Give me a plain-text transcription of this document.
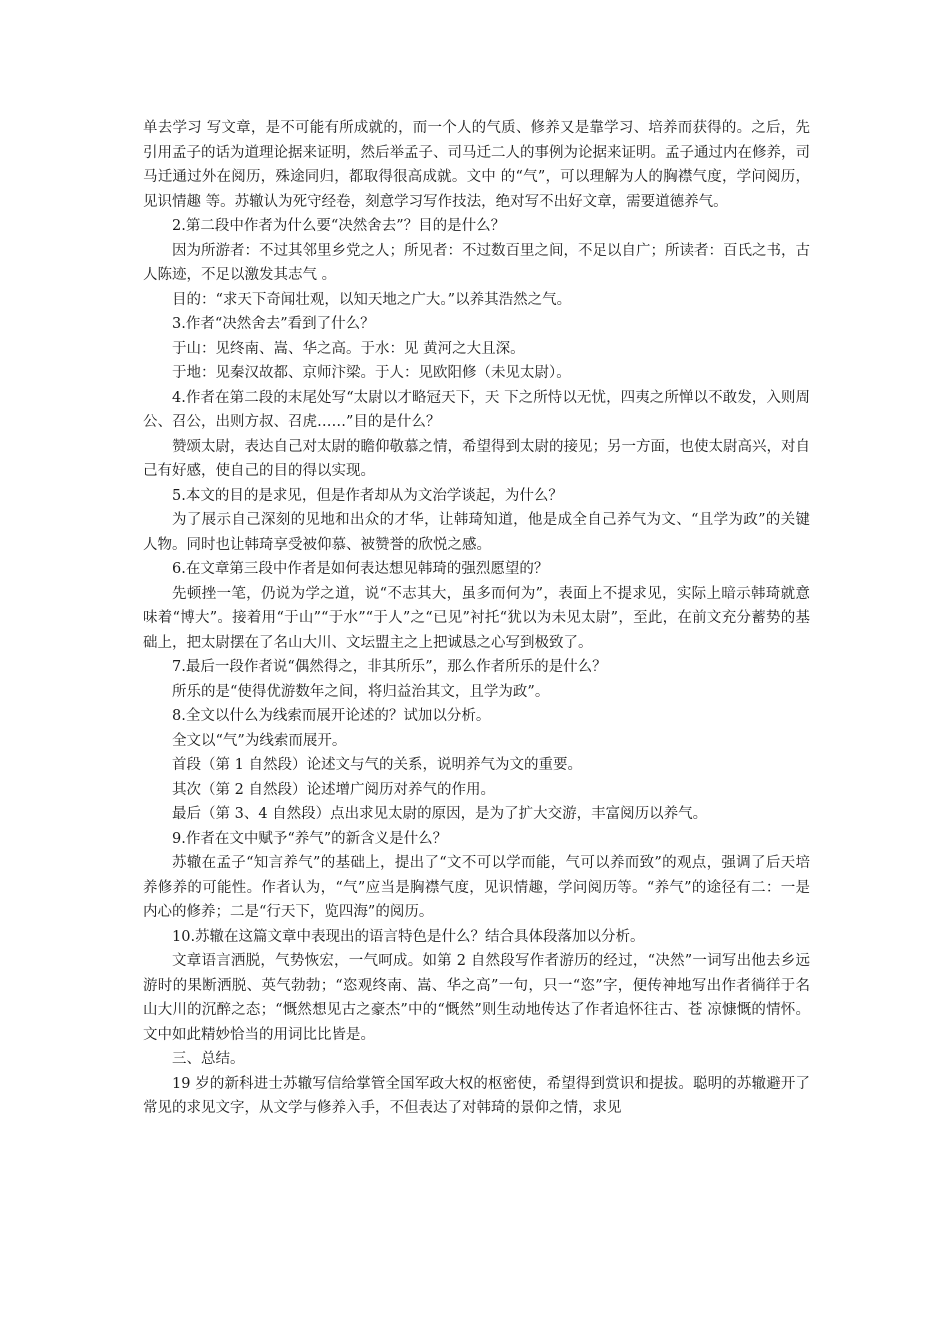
单去学习 写文章，是不可能有所成就的，而一个人的气质、修养又是靠学习、培养而获得的。之后，先引用孟子的话为道理论据来证明，然后举孟子、司马迁二人的事例为论据来证明。孟子通过内在修养，司马迁通过外在阅历，殊途同归，都取得很高成就。文中 的“气”，可以理解为人的胸襟气度，学问阅历，见识情趣 等。苏辙认为死守经卷，刻意学习写作技法，绝对写不出好文章，需要道德养气。

2.第二段中作者为什么要“决然舍去”？目的是什么？

因为所游者：不过其邻里乡党之人；所见者：不过数百里之间，不足以自广；所读者：百氏之书，古人陈迹，不足以激发其志气 。

目的：“求天下奇闻壮观，以知天地之广大。”以养其浩然之气。

3.作者“决然舍去”看到了什么？

于山：见终南、嵩、华之高。于水：见 黄河之大且深。

于地：见秦汉故都、京师汴梁。于人：见欧阳修（未见太尉）。

4.作者在第二段的末尾处写“太尉以才略冠天下，天 下之所恃以无忧，四夷之所惮以不敢发，入则周公、召公，出则方叔、召虎……”目的是什么？

赞颂太尉，表达自己对太尉的瞻仰敬慕之情，希望得到太尉的接见；另一方面，也使太尉高兴，对自己有好感，使自己的目的得以实现。

5.本文的目的是求见，但是作者却从为文治学谈起，为什么？

为了展示自己深刻的见地和出众的才华，让韩琦知道，他是成全自己养气为文、“且学为政”的关键人物。同时也让韩琦享受被仰慕、被赞誉的欣悦之感。

6.在文章第三段中作者是如何表达想见韩琦的强烈愿望的？

先顿挫一笔，仍说为学之道，说“不志其大，虽多而何为”，表面上不提求见，实际上暗示韩琦就意味着“博大”。接着用“于山”“于水”“于人”之“已见”衬托“犹以为未见太尉”，至此，在前文充分蓄势的基础上，把太尉摆在了名山大川、文坛盟主之上把诚恳之心写到极致了。

7.最后一段作者说“偶然得之，非其所乐”，那么作者所乐的是什么？

所乐的是“使得优游数年之间，将归益治其文，且学为政”。

8.全文以什么为线索而展开论述的？试加以分析。

全文以“气”为线索而展开。

首段（第 1 自然段）论述文与气的关系，说明养气为文的重要。

其次（第 2 自然段）论述增广阅历对养气的作用。

最后（第 3、4 自然段）点出求见太尉的原因，是为了扩大交游，丰富阅历以养气。

9.作者在文中赋予“养气”的新含义是什么？

苏辙在孟子“知言养气”的基础上，提出了“文不可以学而能，气可以养而致”的观点，强调了后天培养修养的可能性。作者认为，“气”应当是胸襟气度，见识情趣，学问阅历等。“养气”的途径有二：一是内心的修养；二是“行天下，览四海”的阅历。

10.苏辙在这篇文章中表现出的语言特色是什么？结合具体段落加以分析。

文章语言洒脱，气势恢宏，一气呵成。如第 2 自然段写作者游历的经过，“决然”一词写出他去乡远游时的果断洒脱、英气勃勃；“恣观终南、嵩、华之高”一句，只一“恣”字，便传神地写出作者徜徉于名山大川的沉醉之态；“慨然想见古之豪杰”中的“慨然”则生动地传达了作者追怀往古、苍 凉慷慨的情怀。文中如此精妙恰当的用词比比皆是。

三、总结。

19 岁的新科进士苏辙写信给掌管全国军政大权的枢密使，希望得到赏识和提拔。聪明的苏辙避开了常见的求见文字，从文学与修养入手，不但表达了对韩琦的景仰之情，求见
